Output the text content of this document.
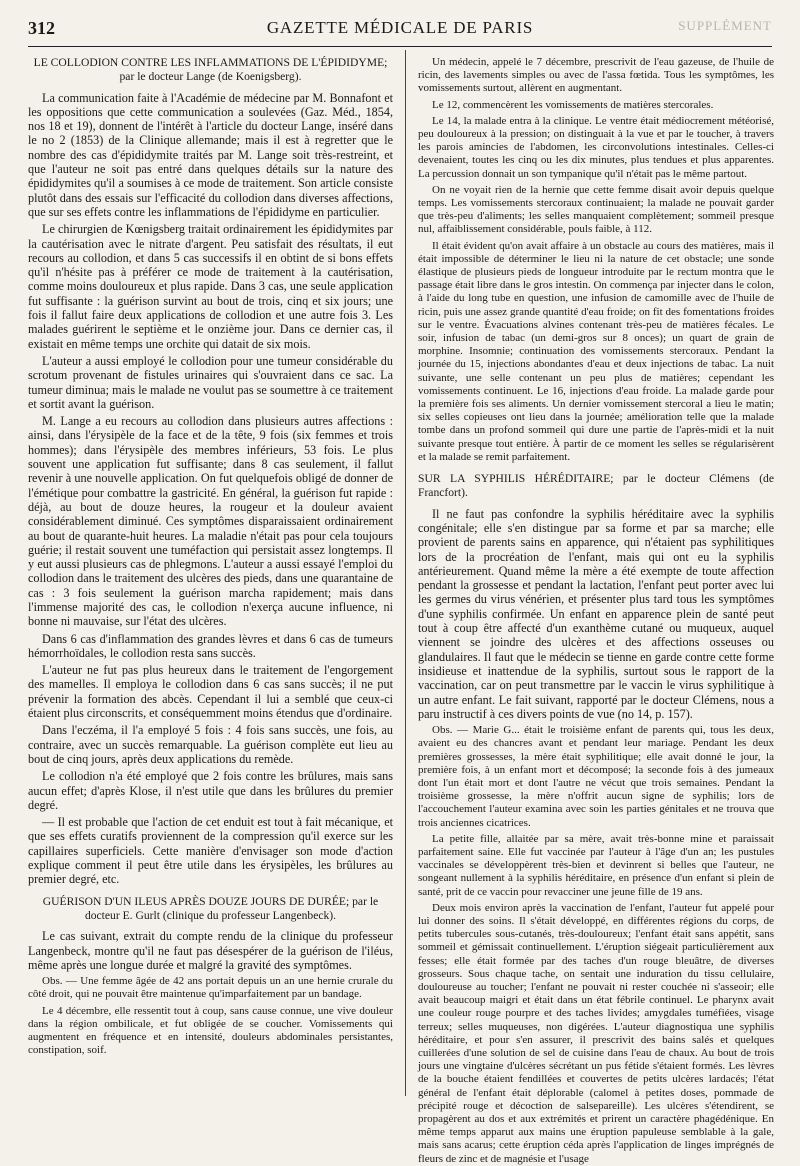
312	GAZETTE MÉDICALE DE PARIS	SUPPLÉMENT

LE COLLODION CONTRE LES INFLAMMATIONS DE L'ÉPIDIDYME; par le docteur Lange (de Koenigsberg).

La communication faite à l'Académie de médecine par M. Bonnafont et les oppositions que cette communication a soulevées (Gaz. Méd., 1854, nos 18 et 19), donnent de l'intérêt à l'article du docteur Lange, inséré dans le no 2 (1853) de la Clinique allemande; mais il est à regretter que le nombre des cas d'épididymite traités par M. Lange soit très-restreint, et que l'auteur ne soit pas entré dans quelques détails sur la nature des épididymites qu'il a soumises à ce mode de traitement. Son article consiste plutôt dans des essais sur l'efficacité du collodion dans diverses affections, que sur ses effets contre les inflammations de l'épididyme en particulier.

Le chirurgien de Kœnigsberg traitait ordinairement les épididymites par la cautérisation avec le nitrate d'argent. Peu satisfait des résultats, il eut recours au collodion, et dans 5 cas successifs il en obtint de si bons effets qu'il n'hésite pas à préférer ce mode de traitement à la cautérisation, comme moins douloureux et plus rapide. Dans 3 cas, une seule application fut suffisante : la guérison survint au bout de trois, cinq et six jours; une fois il fallut faire deux applications de collodion et une autre fois 3. Les malades guérirent le septième et le onzième jour. Dans ce dernier cas, il existait en même temps une orchite qui datait de six mois.

L'auteur a aussi employé le collodion pour une tumeur considérable du scrotum provenant de fistules urinaires qui s'ouvraient dans ce sac. La tumeur diminua; mais le malade ne voulut pas se soumettre à ce traitement et sortit avant la guérison.

M. Lange a eu recours au collodion dans plusieurs autres affections : ainsi, dans l'érysipèle de la face et de la tête, 9 fois (six femmes et trois hommes); dans l'érysipèle des membres inférieurs, 53 fois. Le plus souvent une application fut suffisante; dans 8 cas seulement, il fallut revenir à une nouvelle application. On fut quelquefois obligé de donner de l'émétique pour combattre la gastricité. En général, la guérison fut rapide : déjà, au bout de douze heures, la rougeur et la douleur avaient considérablement diminué. Ces symptômes disparaissaient ordinairement au bout de quarante-huit heures. La maladie n'était pas pour cela toujours guérie; il restait souvent une tuméfaction qui persistait assez longtemps. Il y eut aussi plusieurs cas de phlegmons. L'auteur a aussi essayé l'emploi du collodion dans le traitement des ulcères des pieds, dans une quarantaine de cas : 3 fois seulement la guérison marcha rapidement; mais dans l'immense majorité des cas, le collodion n'exerça aucune influence, ni bonne ni mauvaise, sur l'état des ulcères.

Dans 6 cas d'inflammation des grandes lèvres et dans 6 cas de tumeurs hémorrhoïdales, le collodion resta sans succès.

L'auteur ne fut pas plus heureux dans le traitement de l'engorgement des mamelles. Il employa le collodion dans 6 cas sans succès; il ne put prévenir la formation des abcès. Cependant il lui a semblé que ceux-ci étaient plus circonscrits, et conséquemment moins étendus que d'ordinaire.

Dans l'eczéma, il l'a employé 5 fois : 4 fois sans succès, une fois, au contraire, avec un succès remarquable. La guérison complète eut lieu au bout de cinq jours, après deux applications du remède.

Le collodion n'a été employé que 2 fois contre les brûlures, mais sans aucun effet; d'après Klose, il n'est utile que dans les brûlures du premier degré.

— Il est probable que l'action de cet enduit est tout à fait mécanique, et que ses effets curatifs proviennent de la compression qu'il exerce sur les capillaires superficiels. Cette manière d'envisager son mode d'action explique comment il peut être utile dans les érysipèles, les brûlures au premier degré, etc.

GUÉRISON D'UN ILEUS APRÈS DOUZE JOURS DE DURÉE; par le docteur E. Gurlt (clinique du professeur Langenbeck).

Le cas suivant, extrait du compte rendu de la clinique du professeur Langenbeck, montre qu'il ne faut pas désespérer de la guérison de l'iléus, même après une longue durée et malgré la gravité des symptômes.

Obs. — Une femme âgée de 42 ans portait depuis un an une hernie crurale du côté droit, qui ne pouvait être maintenue qu'imparfaitement par un bandage.

Le 4 décembre, elle ressentit tout à coup, sans cause connue, une vive douleur dans la région ombilicale, et fut obligée de se coucher. Vomissements qui augmentent en fréquence et en intensité, douleurs abdominales persistantes, constipation, soif.

Un médecin, appelé le 7 décembre, prescrivit de l'eau gazeuse, de l'huile de ricin, des lavements simples ou avec de l'assa fœtida. Tous les symptômes, les vomissements surtout, allèrent en augmentant.

Le 12, commencèrent les vomissements de matières stercorales.

Le 14, la malade entra à la clinique. Le ventre était médiocrement météorisé, peu douloureux à la pression; on distinguait à la vue et par le toucher, à travers les parois amincies de l'abdomen, les circonvolutions intestinales. Celles-ci devenaient, toutes les cinq ou les dix minutes, plus tendues et plus apparentes. La percussion donnait un son tympanique qu'il n'était pas le même partout.

On ne voyait rien de la hernie que cette femme disait avoir depuis quelque temps. Les vomissements stercoraux continuaient; la malade ne pouvait garder que très-peu d'aliments; les selles manquaient complètement; sommeil presque nul, affaiblissement considérable, pouls faible, à 112.

Il était évident qu'on avait affaire à un obstacle au cours des matières, mais il était impossible de déterminer le lieu ni la nature de cet obstacle; une sonde élastique de plusieurs pieds de longueur introduite par le rectum montra que le passage était libre dans le gros intestin. On commença par injecter dans le colon, à l'aide du long tube en question, une infusion de camomille avec de l'huile de ricin, puis une assez grande quantité d'eau froide; on fit des fomentations froides sur le ventre. Évacuations alvines contenant très-peu de matières fécales. Le soir, infusion de tabac (un demi-gros sur 8 onces); un quart de grain de morphine. Insomnie; continuation des vomissements stercoraux. Pendant la journée du 15, injections abondantes d'eau et deux injections de tabac. La nuit suivante, une selle contenant un peu plus de matières; cependant les vomissements continuent. Le 16, injections d'eau froide. La malade garde pour la première fois ses aliments. Un dernier vomissement stercoral a lieu le matin; six selles copieuses ont lieu dans la journée; amélioration telle que la malade tombe dans un profond sommeil qui dure une partie de l'après-midi et la nuit suivante presque tout entière. À partir de ce moment les selles se régularisèrent et la malade se remit parfaitement.

SUR LA SYPHILIS HÉRÉDITAIRE; par le docteur Clémens (de Francfort).

Il ne faut pas confondre la syphilis héréditaire avec la syphilis congénitale; elle s'en distingue par sa forme et par sa marche; elle provient de parents sains en apparence, qui n'étaient pas syphilitiques lors de la procréation de l'enfant, mais qui ont eu la syphilis antérieurement. Quand même la mère a été exempte de toute affection pendant la grossesse et pendant la lactation, l'enfant peut porter avec lui les germes du virus vénérien, et présenter plus tard tous les symptômes d'une syphilis confirmée. Un enfant en apparence plein de santé peut tout à coup être affecté d'un exanthème cutané ou muqueux, auquel viennent se joindre des ulcères et des affections osseuses ou glandulaires. Il faut que le médecin se tienne en garde contre cette forme insidieuse et inattendue de la syphilis, surtout sous le rapport de la vaccination, car on peut transmettre par le vaccin le virus syphilitique à un autre enfant. Le fait suivant, rapporté par le docteur Clémens, nous a paru instructif à ces divers points de vue (no 14, p. 157).

Obs. — Marie G... était le troisième enfant de parents qui, tous les deux, avaient eu des chancres avant et pendant leur mariage. Pendant les deux premières grossesses, la mère était syphilitique; elle avait donné le jour, la première fois, à un enfant mort et décomposé; la seconde fois à des jumeaux dont l'un était mort et dont l'autre ne vécut que trois semaines. Pendant la troisième grossesse, la mère n'offrit aucun signe de syphilis; lors de l'accouchement l'auteur examina avec soin les parties génitales et ne trouva que trois anciennes cicatrices.

La petite fille, allaitée par sa mère, avait très-bonne mine et paraissait parfaitement saine. Elle fut vaccinée par l'auteur à l'âge d'un an; les pustules vaccinales se développèrent très-bien et devinrent si belles que l'auteur, ne songeant nullement à la syphilis héréditaire, en présence d'un enfant si plein de santé, prit de ce vaccin pour revacciner une jeune fille de 19 ans.

Deux mois environ après la vaccination de l'enfant, l'auteur fut appelé pour lui donner des soins. Il s'était développé, en différentes régions du corps, de petits tubercules sous-cutanés, très-douloureux; l'enfant était sans appétit, sans sommeil et gémissait continuellement. L'éruption siégeait particulièrement aux fesses; elle était formée par des taches d'un rouge bleuâtre, de diverses grosseurs. Sous chaque tache, on sentait une induration du tissu cellulaire, douloureuse au toucher; l'enfant ne pouvait ni rester couchée ni s'asseoir; elle avait beaucoup maigri et était dans un état fébrile continuel. Le pharynx avait une couleur rouge pourpre et des taches livides; amygdales tuméfiées, visage terreux; selles muqueuses, non digérées. L'auteur diagnostiqua une syphilis héréditaire, et pour s'en assurer, il prescrivit des bains salés et quelques cuillerées d'une solution de sel de cuisine dans l'eau de chaux. Au bout de trois jours une vingtaine d'ulcères sécrétant un pus fétide s'étaient formés. Les lèvres de la bouche étaient fendillées et couvertes de petits ulcères lardacés; l'état général de l'enfant était déplorable (calomel à petites doses, pommade de précipité rouge et décoction de salsepareille). Les ulcères s'étendirent, se propagèrent au dos et aux extrémités et prirent un caractère phagédénique. En même temps apparut aux mains une éruption papuleuse semblable à la gale, mais sans acarus; cette éruption céda après l'application de linges imprégnés de fleurs de zinc et de magnésie et l'usage
